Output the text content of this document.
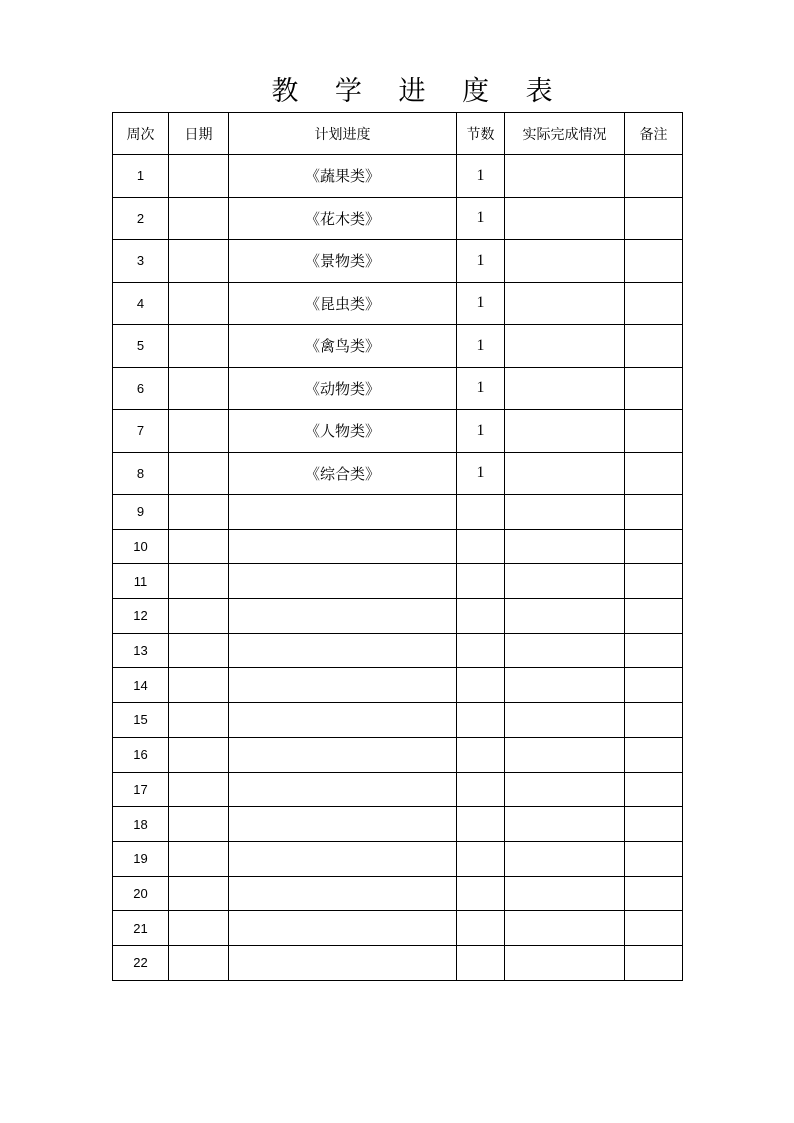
教 学 进 度 表
周次	日期	计划进度	节数	实际完成情况	备注
1		《蔬果类》	1		
2		《花木类》	1		
3		《景物类》	1		
4		《昆虫类》	1		
5		《禽鸟类》	1		
6		《动物类》	1		
7		《人物类》	1		
8		《综合类》	1		
9					
10					
11					
12					
13					
14					
15					
16					
17					
18					
19					
20					
21					
22					
